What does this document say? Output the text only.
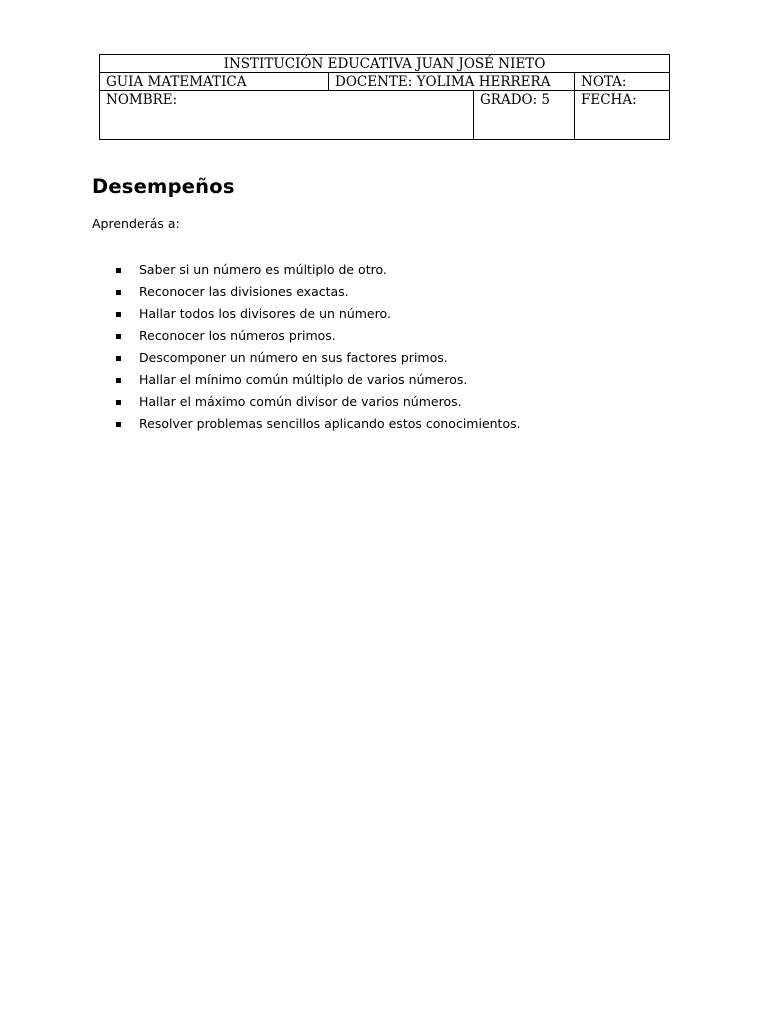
INSTITUCIÓN EDUCATIVA JUAN JOSÉ NIETO			
GUIA MATEMATICA	DOCENTE: YOLIMA HERRERA		NOTA:
NOMBRE:		GRADO: 5	FECHA:
Desempeños

Aprenderás a:

Saber si un número es múltiplo de otro.
Reconocer las divisiones exactas.
Hallar todos los divisores de un número.
Reconocer los números primos.
Descomponer un número en sus factores primos.
Hallar el mínimo común múltiplo de varios números.
Hallar el máximo común divisor de varios números.
Resolver problemas sencillos aplicando estos conocimientos.
